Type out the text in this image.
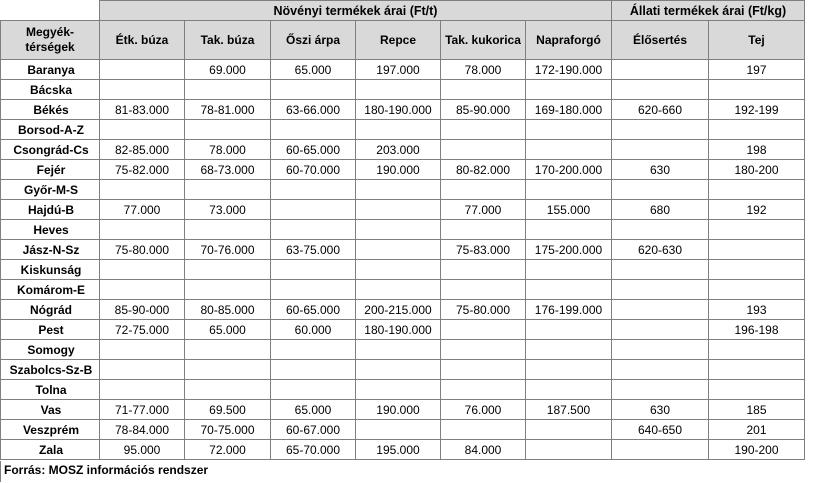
	Növényi termékek árai (Ft/t)						Állati termékek árai (Ft/kg)	
Megyék-
térségek	Étk. búza	Tak. búza	Őszi árpa	Repce	Tak. kukorica	Napraforgó	Élősertés	Tej
Baranya		69.000	65.000	197.000	78.000	172-190.000		197
Bácska								
Békés	81-83.000	78-81.000	63-66.000	180-190.000	85-90.000	169-180.000	620-660	192-199
Borsod-A-Z								
Csongrád-Cs	82-85.000	78.000	60-65.000	203.000				198
Fejér	75-82.000	68-73.000	60-70.000	190.000	80-82.000	170-200.000	630	180-200
Győr-M-S								
Hajdú-B	77.000	73.000			77.000	155.000	680	192
Heves								
Jász-N-Sz	75-80.000	70-76.000	63-75.000		75-83.000	175-200.000	620-630	
Kiskunság								
Komárom-E								
Nógrád	85-90-000	80-85.000	60-65.000	200-215.000	75-80.000	176-199.000		193
Pest	72-75.000	65.000	60.000	180-190.000				196-198
Somogy								
Szabolcs-Sz-B								
Tolna								
Vas	71-77.000	69.500	65.000	190.000	76.000	187.500	630	185
Veszprém	78-84.000	70-75.000	60-67.000				640-650	201
Zala	95.000	72.000	65-70.000	195.000	84.000			190-200
Forrás: MOSZ információs rendszer
